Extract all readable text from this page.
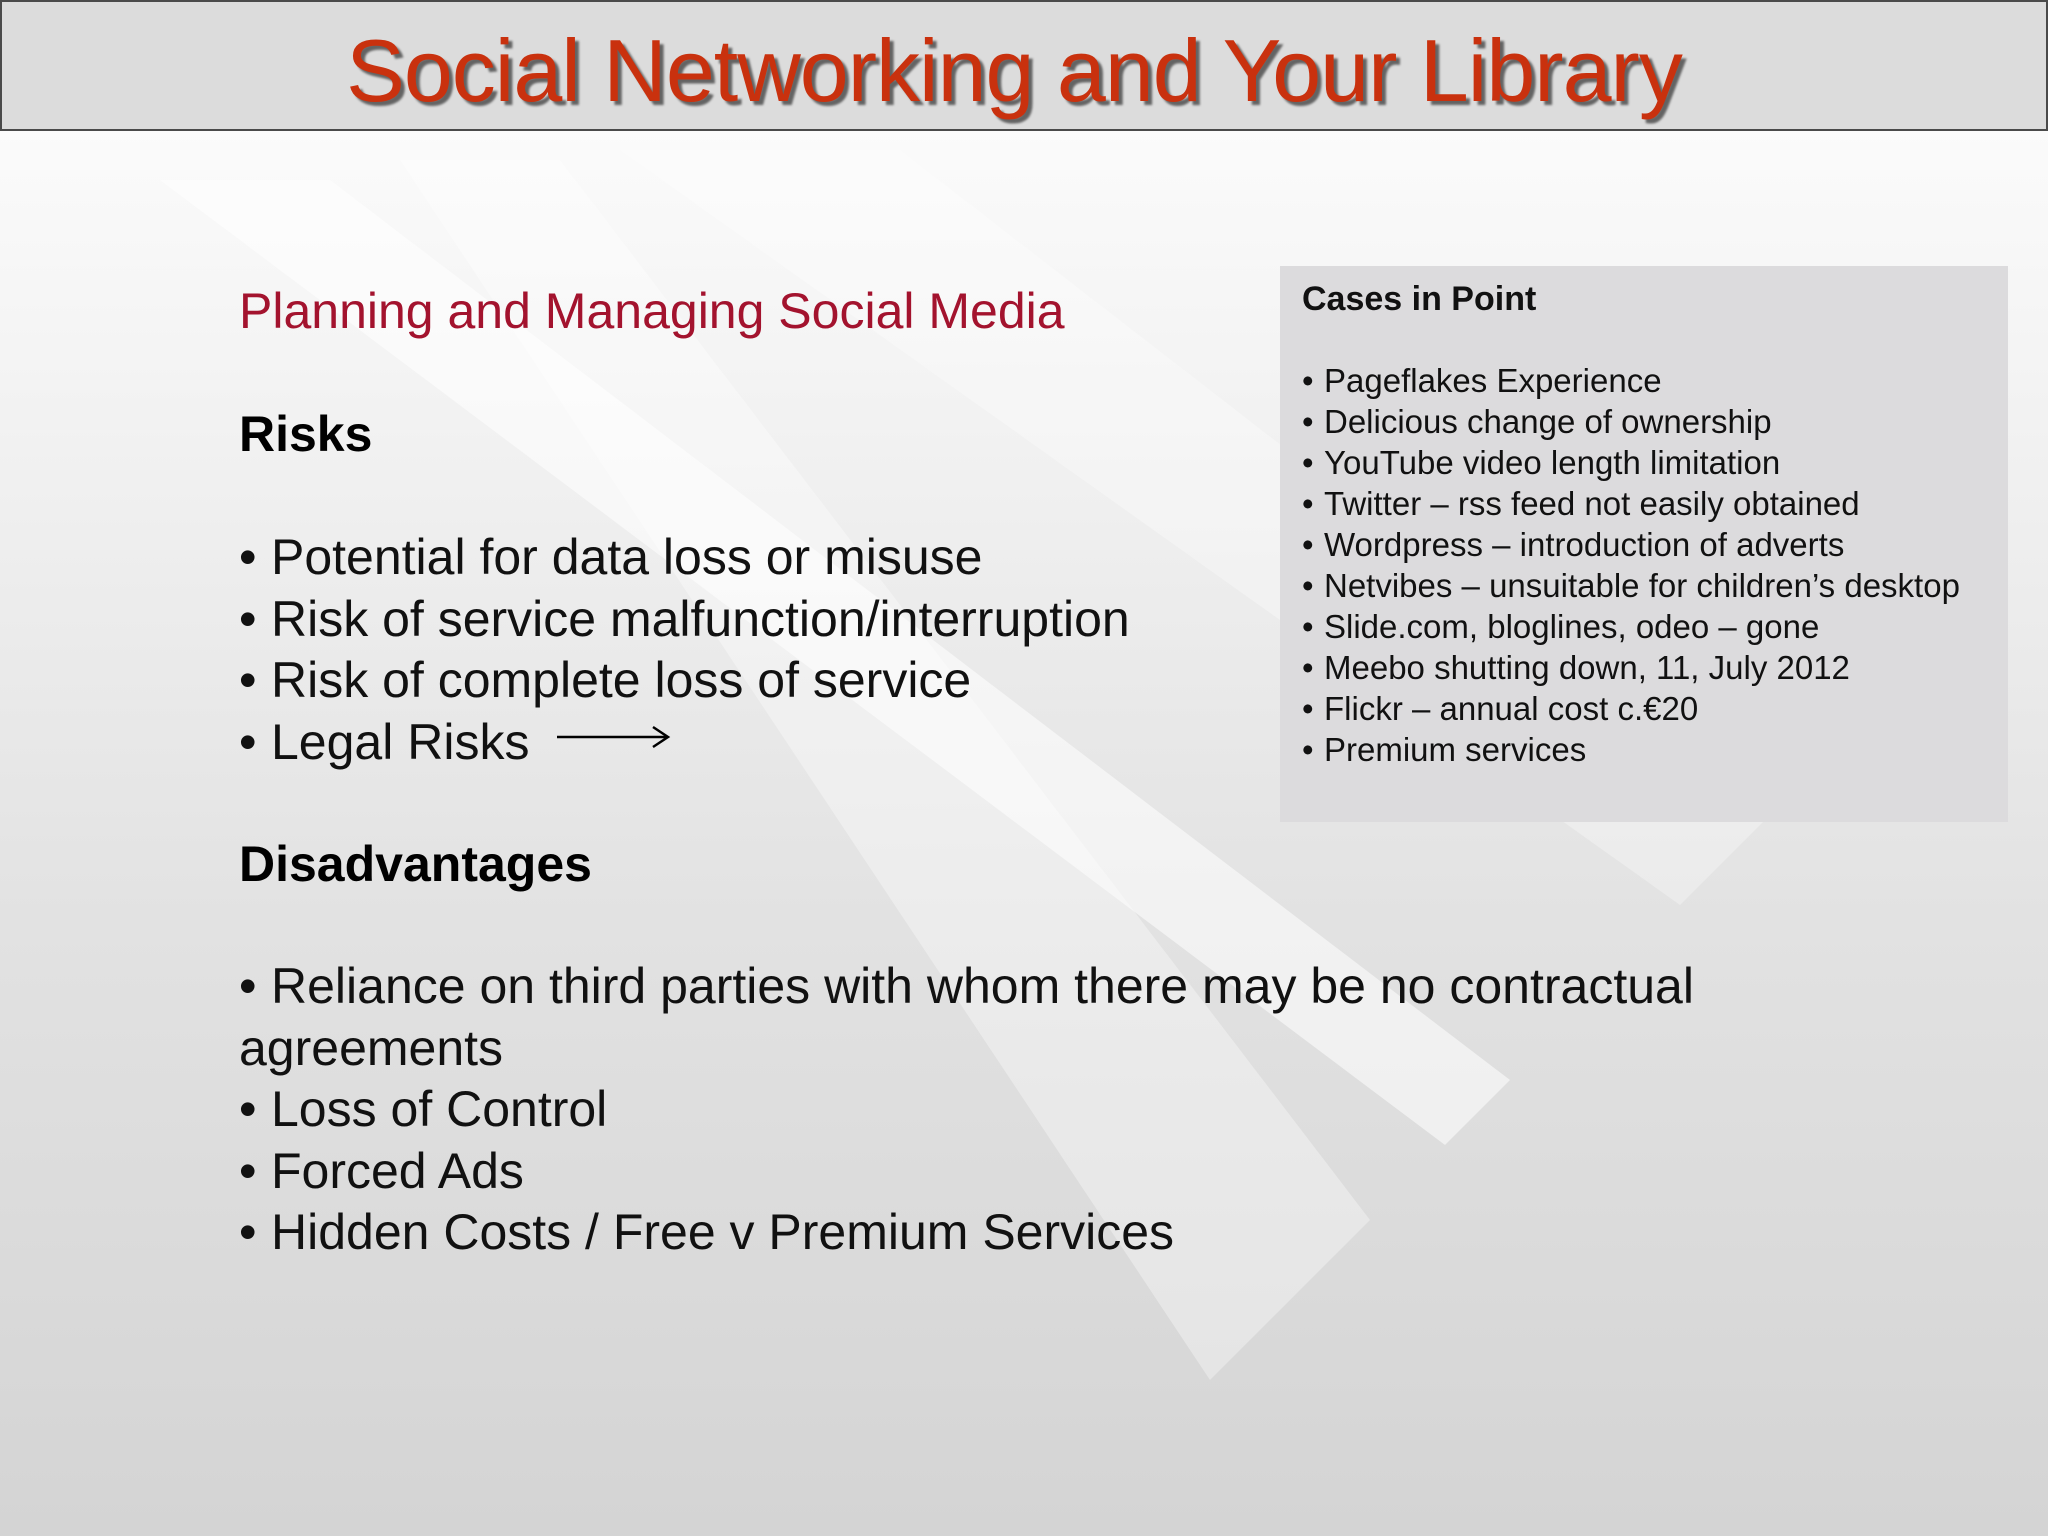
Social Networking and Your Library
Planning and Managing Social Media
Risks
• Potential for data loss or misuse
• Risk of service malfunction/interruption
• Risk of complete loss of service
• Legal Risks
Disadvantages
• Reliance on third parties with whom there may be no contractual agreements
• Loss of Control
• Forced Ads
• Hidden Costs / Free v Premium Services
Cases in Point
• Pageflakes Experience
• Delicious change of ownership
• YouTube video length limitation
• Twitter – rss feed not easily obtained
• Wordpress – introduction of adverts
• Netvibes – unsuitable for children’s desktop
• Slide.com, bloglines, odeo – gone
• Meebo shutting down, 11, July 2012
• Flickr – annual cost c.€20
• Premium services
